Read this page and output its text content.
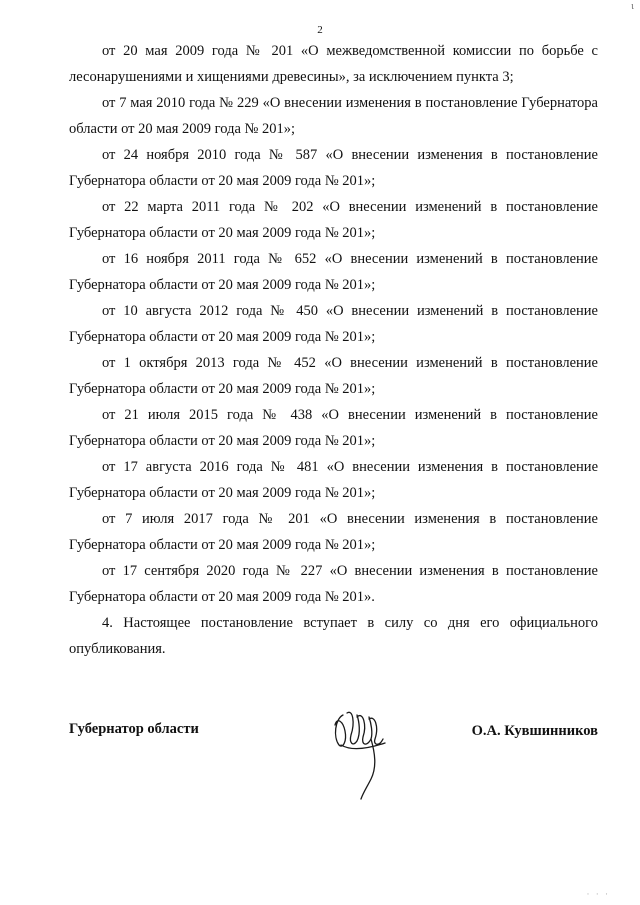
ι
2

от 20 мая 2009 года № 201 «О межведомственной комиссии по борьбе с лесонарушениями и хищениями древесины», за исключением пункта 3;

от 7 мая 2010 года № 229 «О внесении изменения в постановление Губернатора области от 20 мая 2009 года № 201»;

от 24 ноября 2010 года № 587 «О внесении изменения в постановление Губернатора области от 20 мая 2009 года № 201»;

от 22 марта 2011 года № 202 «О внесении изменений в постановление Губернатора области от 20 мая 2009 года № 201»;

от 16 ноября 2011 года № 652 «О внесении изменений в постановление Губернатора области от 20 мая 2009 года № 201»;

от 10 августа 2012 года № 450 «О внесении изменений в постановление Губернатора области от 20 мая 2009 года № 201»;

от 1 октября 2013 года № 452 «О внесении изменений в постановление Губернатора области от 20 мая 2009 года № 201»;

от 21 июля 2015 года № 438 «О внесении изменений в постановление Губернатора области от 20 мая 2009 года № 201»;

от 17 августа 2016 года № 481 «О внесении изменения в постановление Губернатора области от 20 мая 2009 года № 201»;

от 7 июля 2017 года № 201 «О внесении изменения в постановление Губернатора области от 20 мая 2009 года № 201»;

от 17 сентября 2020 года № 227 «О внесении изменения в постановление Губернатора области от 20 мая 2009 года № 201».

4. Настоящее постановление вступает в силу со дня его официального опубликования.

Губернатор области	О.А. Кувшинников
· · ·
